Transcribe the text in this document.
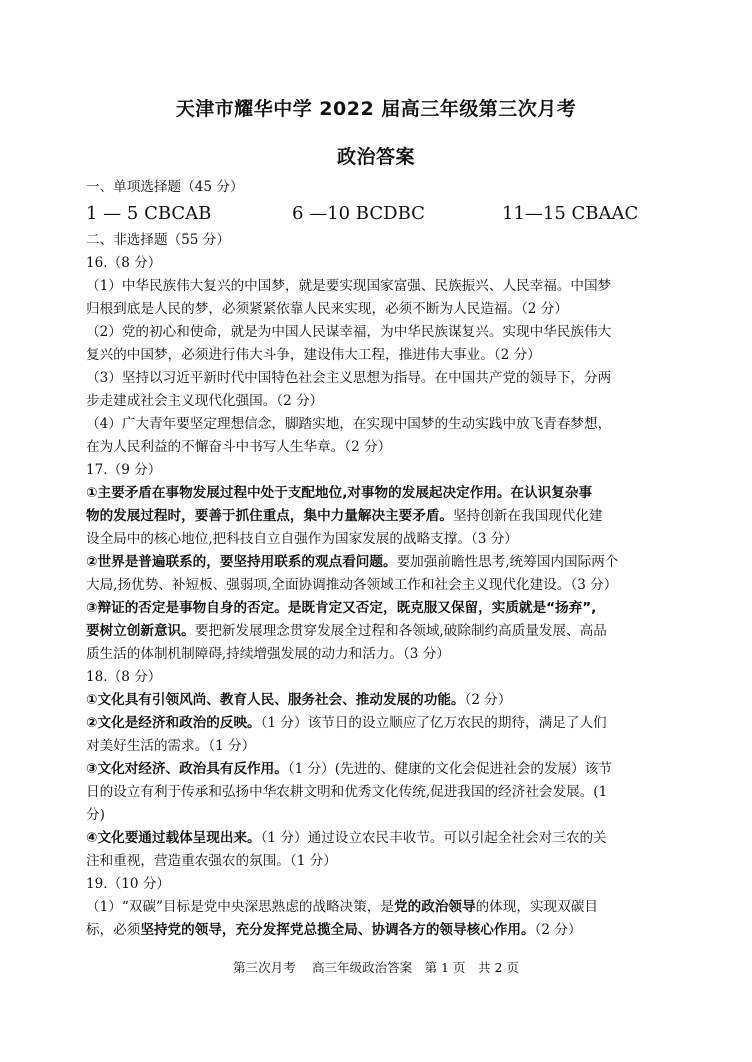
天津市耀华中学 2022 届高三年级第三次月考
政治答案
一、单项选择题（45 分）
1 — 5 CBCAB	6 —10 BCDBC	11—15 CBAAC
二、非选择题（55 分）
16.（8 分）
（1）中华民族伟大复兴的中国梦，就是要实现国家富强、民族振兴、人民幸福。中国梦
归根到底是人民的梦，必须紧紧依靠人民来实现，必须不断为人民造福。（2 分）
（2）党的初心和使命，就是为中国人民谋幸福，为中华民族谋复兴。实现中华民族伟大
复兴的中国梦，必须进行伟大斗争，建设伟大工程，推进伟大事业。（2 分）
（3）坚持以习近平新时代中国特色社会主义思想为指导。在中国共产党的领导下，分两
步走建成社会主义现代化强国。（2 分）
（4）广大青年要坚定理想信念，脚踏实地，在实现中国梦的生动实践中放飞青春梦想，
在为人民利益的不懈奋斗中书写人生华章。（2 分）
17.（9 分）
①主要矛盾在事物发展过程中处于支配地位,对事物的发展起决定作用。在认识复杂事
物的发展过程时，要善于抓住重点，集中力量解决主要矛盾。坚持创新在我国现代化建
设全局中的核心地位,把科技自立自强作为国家发展的战略支撑。（3 分）
②世界是普遍联系的，要坚持用联系的观点看问题。要加强前瞻性思考,统筹国内国际两个
大局,扬优势、补短板、强弱项,全面协调推动各领域工作和社会主义现代化建设。（3 分）
③辩证的否定是事物自身的否定。是既肯定又否定，既克服又保留，实质就是“扬弃”,
要树立创新意识。要把新发展理念贯穿发展全过程和各领域,破除制约高质量发展、高品
质生活的体制机制障碍,持续增强发展的动力和活力。（3 分）
18.（8 分）
①文化具有引领风尚、教育人民、服务社会、推动发展的功能。（2 分）
②文化是经济和政治的反映。（1 分）该节日的设立顺应了亿万农民的期待，满足了人们
对美好生活的需求。（1 分）
③文化对经济、政治具有反作用。（1 分）(先进的、健康的文化会促进社会的发展）该节
日的设立有利于传承和弘扬中华农耕文明和优秀文化传统,促进我国的经济社会发展。(1
分)
④文化要通过载体呈现出来。（1 分）通过设立农民丰收节。可以引起全社会对三农的关
注和重视，营造重农强农的氛围。（1 分）
19.（10 分）
（1）“双碳”目标是党中央深思熟虑的战略决策，是党的政治领导的体现，实现双碳目
标，必须坚持党的领导，充分发挥党总揽全局、协调各方的领导核心作用。（2 分）
第三次月考　 高三年级政治答案　第 1 页　共 2 页
